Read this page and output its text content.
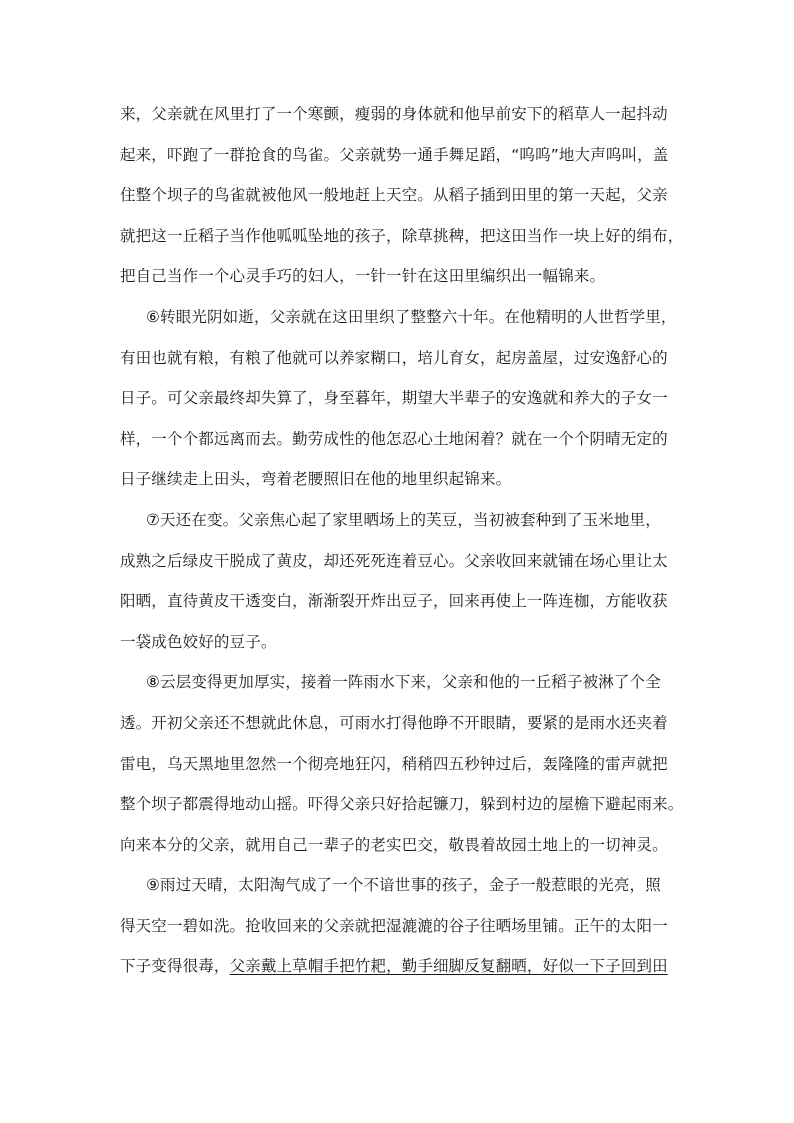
来，父亲就在风里打了一个寒颤，瘦弱的身体就和他早前安下的稻草人一起抖动
起来，吓跑了一群抢食的鸟雀。父亲就势一通手舞足蹈，“呜呜”地大声呜叫，盖
住整个坝子的鸟雀就被他风一般地赶上天空。从稻子插到田里的第一天起，父亲
就把这一丘稻子当作他呱呱坠地的孩子，除草挑稗，把这田当作一块上好的绢布，
把自己当作一个心灵手巧的妇人，一针一针在这田里编织出一幅锦来。
⑥转眼光阴如逝，父亲就在这田里织了整整六十年。在他精明的人世哲学里，
有田也就有粮，有粮了他就可以养家糊口，培儿育女，起房盖屋，过安逸舒心的
日子。可父亲最终却失算了，身至暮年，期望大半辈子的安逸就和养大的子女一
样，一个个都远离而去。勤劳成性的他怎忍心土地闲着？就在一个个阴晴无定的
日子继续走上田头，弯着老腰照旧在他的地里织起锦来。
⑦天还在变。父亲焦心起了家里晒场上的芙豆，当初被套种到了玉米地里，
成熟之后绿皮干脱成了黄皮，却还死死连着豆心。父亲收回来就铺在场心里让太
阳晒，直待黄皮干透变白，渐渐裂开炸出豆子，回来再使上一阵连枷，方能收获
一袋成色姣好的豆子。
⑧云层变得更加厚实，接着一阵雨水下来，父亲和他的一丘稻子被淋了个全
透。开初父亲还不想就此休息，可雨水打得他睁不开眼睛，要紧的是雨水还夹着
雷电，乌天黑地里忽然一个彻亮地狂闪，稍稍四五秒钟过后，轰隆隆的雷声就把
整个坝子都震得地动山摇。吓得父亲只好拾起镰刀，躲到村边的屋檐下避起雨来。
向来本分的父亲，就用自己一辈子的老实巴交，敬畏着故园土地上的一切神灵。
⑨雨过天晴，太阳淘气成了一个不谙世事的孩子，金子一般惹眼的光亮，照
得天空一碧如洗。抢收回来的父亲就把湿漉漉的谷子往晒场里铺。正午的太阳一
下子变得很毒，父亲戴上草帽手把竹耙，勤手细脚反复翻晒，好似一下子回到田
